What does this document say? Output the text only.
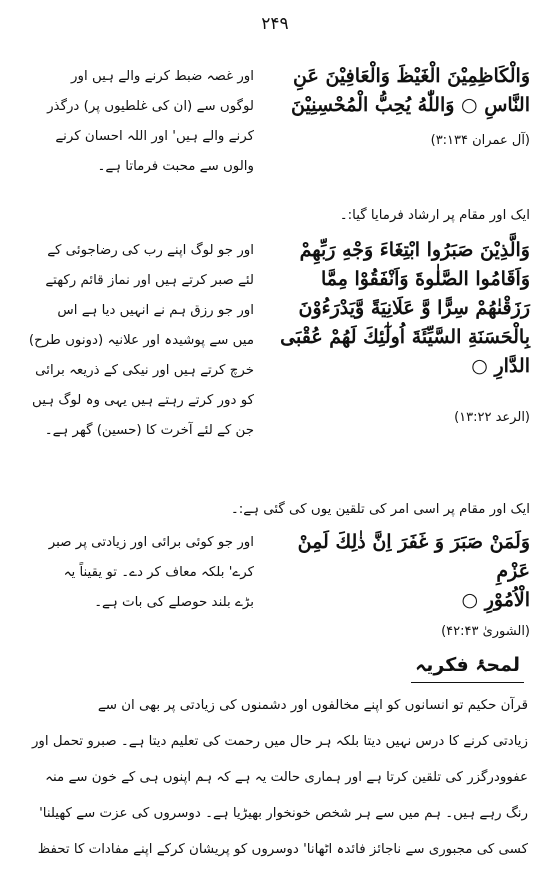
۲۴۹
وَالْكَاظِمِيْنَ الْغَيْظَ وَالْعَافِيْنَ عَنِ
النَّاسِ ○ وَاللّٰهُ يُحِبُّ الْمُحْسِنِيْنَ
(آل عمران ۳:۱۳۴)

اور غصہ ضبط کرنے والے ہیں اور

لوگوں سے (ان کی غلطیوں پر) درگذر

کرنے والے ہیں' اور اللہ احسان کرنے

والوں سے محبت فرماتا ہے۔

ایک اور مقام پر ارشاد فرمایا گیا:۔
وَالَّذِيْنَ صَبَرُوا ابْتِغَاءَ وَجْهِ رَبِّهِمْ
وَاَقَامُوا الصَّلٰوةَ وَاَنْفَقُوْا مِمَّا
رَزَقْنٰهُمْ سِرًّا وَّ عَلَانِيَةً وَّيَدْرَءُوْنَ
بِالْحَسَنَةِ السَّيِّئَةَ اُولٰٓئِكَ لَهُمْ عُقْبَى
الدَّارِ ○
(الرعد ۱۳:۲۲)

اور جو لوگ اپنے رب کی رضاجوئی کے

لئے صبر کرتے ہیں اور نماز قائم رکھتے

اور جو رزق ہم نے انہیں دیا ہے اس

میں سے پوشیدہ اور علانیہ (دونوں طرح)

خرچ کرتے ہیں اور نیکی کے ذریعہ برائی

کو دور کرتے رہتے ہیں یہی وہ لوگ ہیں

جن کے لئے آخرت کا (حسین) گھر ہے۔

ایک اور مقام پر اسی امر کی تلقین یوں کی گئی ہے:۔
وَلَمَنْ صَبَرَ وَ غَفَرَ اِنَّ ذٰلِكَ لَمِنْ عَزْمِ
الْاُمُوْرِ ○
(الشوریٰ ۴۲:۴۳)

اور جو کوئی برائی اور زیادتی پر صبر

کرے' بلکہ معاف کر دے۔ تو یقیناً یہ

بڑے بلند حوصلے کی بات ہے۔

لمحۂ فکریہ

قرآن حکیم تو انسانوں کو اپنے مخالفوں اور دشمنوں کی زیادتی پر بھی ان سے

زیادتی کرنے کا درس نہیں دیتا بلکہ ہر حال میں رحمت کی تعلیم دیتا ہے۔ صبرو تحمل اور

عفوودرگزر کی تلقین کرتا ہے اور ہماری حالت یہ ہے کہ ہم اپنوں ہی کے خون سے منہ

رنگ رہے ہیں۔ ہم میں سے ہر شخص خونخوار بھیڑیا ہے۔ دوسروں کی عزت سے کھیلنا'

کسی کی مجبوری سے ناجائز فائدہ اٹھانا' دوسروں کو پریشان کرکے اپنے مفادات کا تحفظ
